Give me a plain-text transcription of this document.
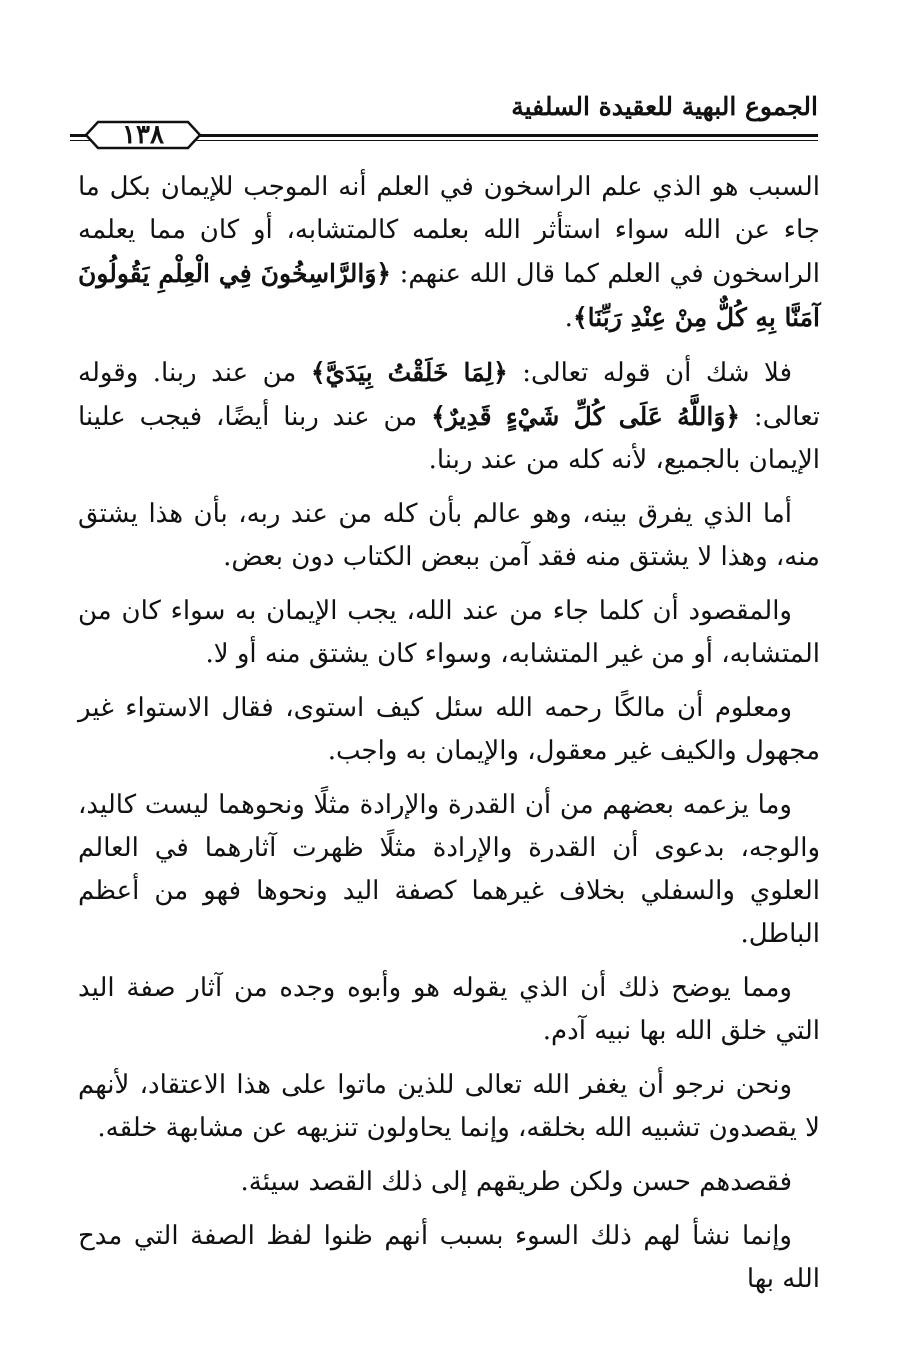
الجموع البهية للعقيدة السلفية
١٣٨

السبب هو الذي علم الراسخون في العلم أنه الموجب للإيمان بكل ما جاء عن الله سواء استأثر الله بعلمه كالمتشابه، أو كان مما يعلمه الراسخون في العلم كما قال الله عنهم: ﴿وَالرَّاسِخُونَ فِي الْعِلْمِ يَقُولُونَ آمَنَّا بِهِ كُلٌّ مِنْ عِنْدِ رَبِّنَا﴾.

فلا شك أن قوله تعالى: ﴿لِمَا خَلَقْتُ بِيَدَيَّ﴾ من عند ربنا. وقوله تعالى: ﴿وَاللَّهُ عَلَى كُلِّ شَيْءٍ قَدِيرٌ﴾ من عند ربنا أيضًا، فيجب علينا الإيمان بالجميع، لأنه كله من عند ربنا.

أما الذي يفرق بينه، وهو عالم بأن كله من عند ربه، بأن هذا يشتق منه، وهذا لا يشتق منه فقد آمن ببعض الكتاب دون بعض.

والمقصود أن كلما جاء من عند الله، يجب الإيمان به سواء كان من المتشابه، أو من غير المتشابه، وسواء كان يشتق منه أو لا.

ومعلوم أن مالكًا رحمه الله سئل كيف استوى، فقال الاستواء غير مجهول والكيف غير معقول، والإيمان به واجب.

وما يزعمه بعضهم من أن القدرة والإرادة مثلًا ونحوهما ليست كاليد، والوجه، بدعوى أن القدرة والإرادة مثلًا ظهرت آثارهما في العالم العلوي والسفلي بخلاف غيرهما كصفة اليد ونحوها فهو من أعظم الباطل.

ومما يوضح ذلك أن الذي يقوله هو وأبوه وجده من آثار صفة اليد التي خلق الله بها نبيه آدم.

ونحن نرجو أن يغفر الله تعالى للذين ماتوا على هذا الاعتقاد، لأنهم لا يقصدون تشبيه الله بخلقه، وإنما يحاولون تنزيهه عن مشابهة خلقه.

فقصدهم حسن ولكن طريقهم إلى ذلك القصد سيئة.

وإنما نشأ لهم ذلك السوء بسبب أنهم ظنوا لفظ الصفة التي مدح الله بها
